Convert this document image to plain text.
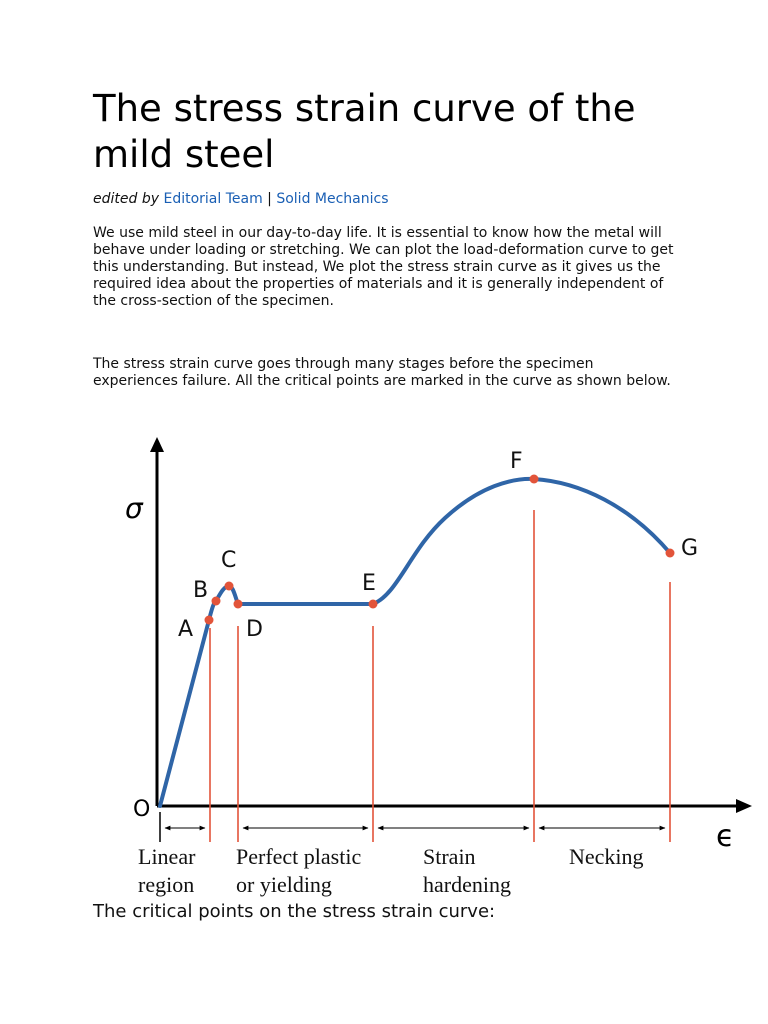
The stress strain curve of the mild steel
edited by Editorial Team | Solid Mechanics

We use mild steel in our day-to-day life. It is essential to know how the metal will behave under loading or stretching. We can plot the load-deformation curve to get this understanding. But instead, We plot the stress strain curve as it gives us the required idea about the properties of materials and it is generally independent of the cross-section of the specimen.

The stress strain curve goes through many stages before the specimen experiences failure. All the critical points are marked in the curve as shown below.

σ
ϵ
O
A
B
C
D
E
F
G
Linear
region
Perfect plastic
or yielding
Strain
hardening
Necking
The critical points on the stress strain curve:
